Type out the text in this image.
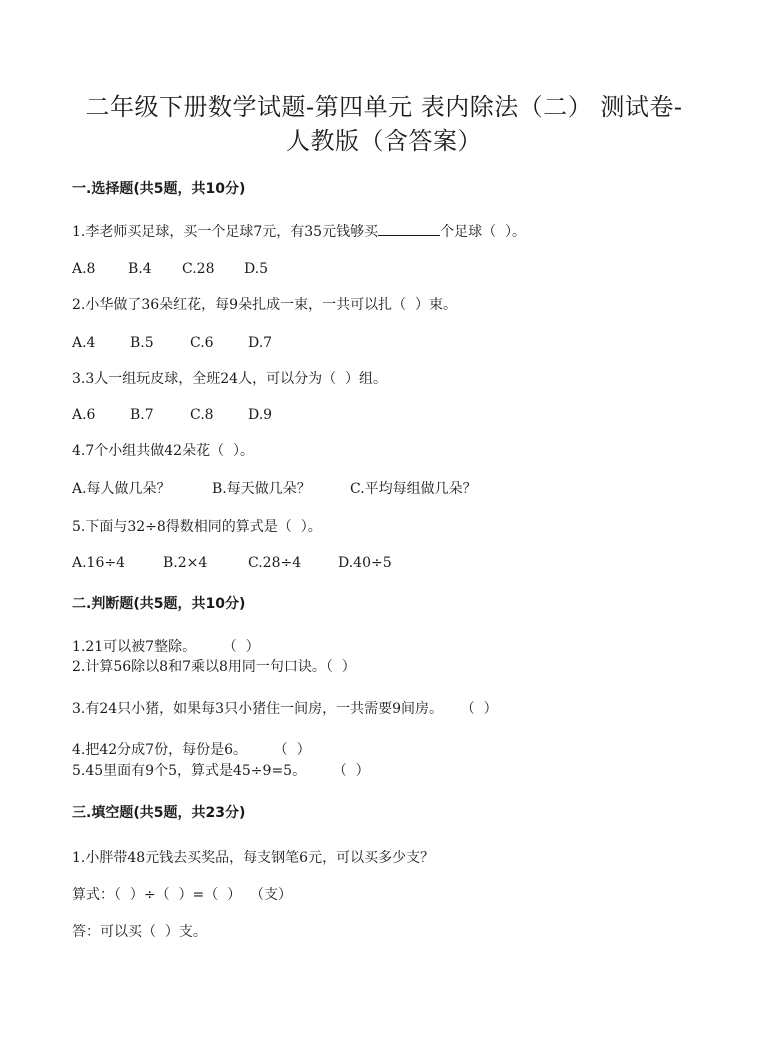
二年级下册数学试题-第四单元 表内除法（二） 测试卷-
人教版（含答案）
一.选择题(共5题，共10分)
1.李老师买足球，买一个足球7元，有35元钱够买	个足球（  ）。
A.8 B.4 C.28 D.5
2.小华做了36朵红花，每9朵扎成一束，一共可以扎（  ）束。
A.4 B.5	C.6 D.7
3.3人一组玩皮球，全班24人，可以分为（  ）组。
A.6 B.7	C.8 D.9
4.7个小组共做42朵花（  ）。
A.每人做几朵？	B.每天做几朵？	C.平均每组做几朵？
5.下面与32÷8得数相同的算式是（  ）。
A.16÷4	B.2×4	C.28÷4	D.40÷5
二.判断题(共5题，共10分)
1.21可以被7整除。      （  ）
2.计算56除以8和7乘以8用同一句口诀。（  ）
3.有24只小猪，如果每3只小猪住一间房，一共需要9间房。    （  ）
4.把42分成7份，每份是6。      （  ）
5.45里面有9个5，算式是45÷9=5。      （  ）
三.填空题(共5题，共23分)
1.小胖带48元钱去买奖品，每支钢笔6元，可以买多少支？
算式：（  ）÷（  ）=（  ）  （支）
答：可以买（  ）支。
